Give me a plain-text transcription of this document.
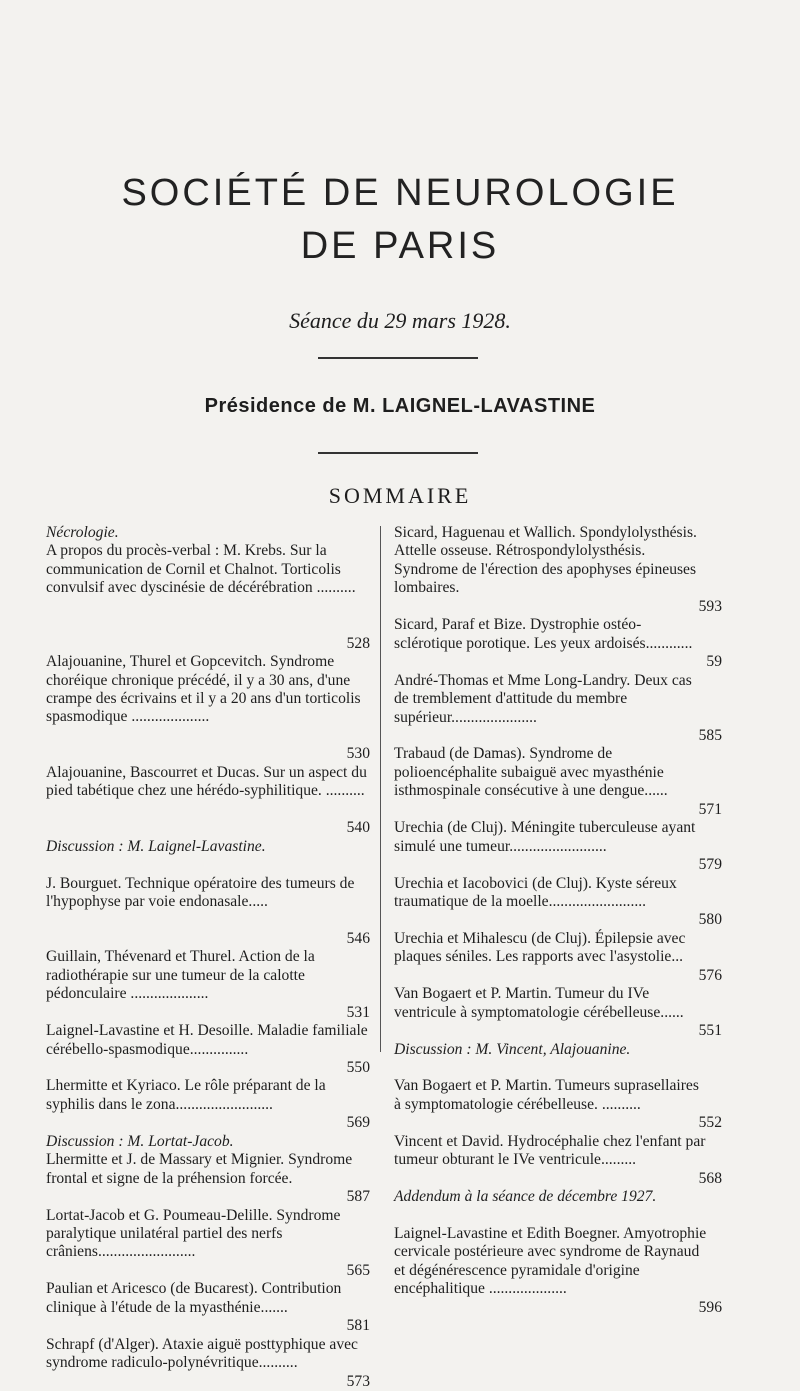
SOCIÉTÉ DE NEUROLOGIE
DE PARIS
Séance du 29 mars 1928.
Présidence de M. LAIGNEL-LAVASTINE
SOMMAIRE
Nécrologie.
A propos du procès-verbal : M. Krebs. Sur la communication de Cornil et Chalnot. Torticolis convulsif avec dyscinésie de décérébration ..........
528
Alajouanine, Thurel et Gopcevitch. Syndrome choréique chronique précédé, il y a 30 ans, d'une crampe des écrivains et il y a 20 ans d'un torticolis spasmodique ....................
530
Alajouanine, Bascourret et Ducas. Sur un aspect du pied tabétique chez une hérédo-syphilitique. ..........
540
Discussion : M. Laignel-Lavastine.
J. Bourguet. Technique opératoire des tumeurs de l'hypophyse par voie endonasale.....
546
Guillain, Thévenard et Thurel. Action de la radiothérapie sur une tumeur de la calotte pédonculaire ....................
531
Laignel-Lavastine et H. Desoille. Maladie familiale cérébello-spasmodique...............
550
Lhermitte et Kyriaco. Le rôle préparant de la syphilis dans le zona.........................
569
Discussion : M. Lortat-Jacob.
Lhermitte et J. de Massary et Mignier. Syndrome frontal et signe de la préhension forcée.
587
Lortat-Jacob et G. Poumeau-Delille. Syndrome paralytique unilatéral partiel des nerfs crâniens.........................
565
Paulian et Aricesco (de Bucarest). Contribution clinique à l'étude de la myasthénie.......
581
Schrapf (d'Alger). Ataxie aiguë posttyphique avec syndrome radiculo-polynévritique..........
573
Sicard, Haguenau et Wallich. Spondylolysthésis. Attelle osseuse. Rétrospondylolysthésis. Syndrome de l'érection des apophyses épineuses lombaires.
593
Sicard, Paraf et Bize. Dystrophie ostéo-sclérotique porotique. Les yeux ardoisés............
59
André-Thomas et Mme Long-Landry. Deux cas de tremblement d'attitude du membre supérieur......................
585
Trabaud (de Damas). Syndrome de polioencéphalite subaiguë avec myasthénie isthmospinale consécutive à une dengue......
571
Urechia (de Cluj). Méningite tuberculeuse ayant simulé une tumeur.........................
579
Urechia et Iacobovici (de Cluj). Kyste séreux traumatique de la moelle.........................
580
Urechia et Mihalescu (de Cluj). Épilepsie avec plaques séniles. Les rapports avec l'asystolie...
576
Van Bogaert et P. Martin. Tumeur du IVe ventricule à symptomatologie cérébelleuse......
551
Discussion : M. Vincent, Alajouanine.
Van Bogaert et P. Martin. Tumeurs suprasellaires à symptomatologie cérébelleuse. ..........
552
Vincent et David. Hydrocéphalie chez l'enfant par tumeur obturant le IVe ventricule.........
568
Addendum à la séance de décembre 1927.
Laignel-Lavastine et Edith Boegner. Amyotrophie cervicale postérieure avec syndrome de Raynaud et dégénérescence pyramidale d'origine encéphalitique ....................
596
